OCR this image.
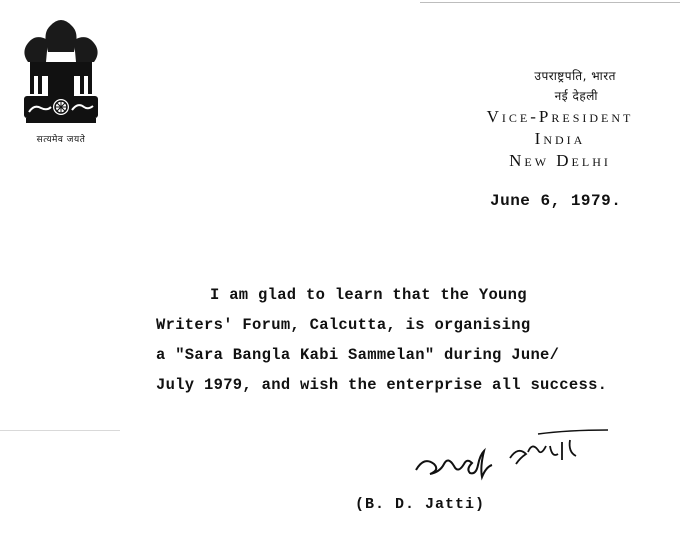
सत्यमेव जयते
उपराष्ट्रपति, भारत
नई देहली
Vice-President
India
New Delhi
June 6, 1979.
I am glad to learn that the Young
Writers' Forum, Calcutta, is organising
a "Sara Bangla Kabi Sammelan" during June/
July 1979, and wish the enterprise all success.
(B. D. Jatti)
